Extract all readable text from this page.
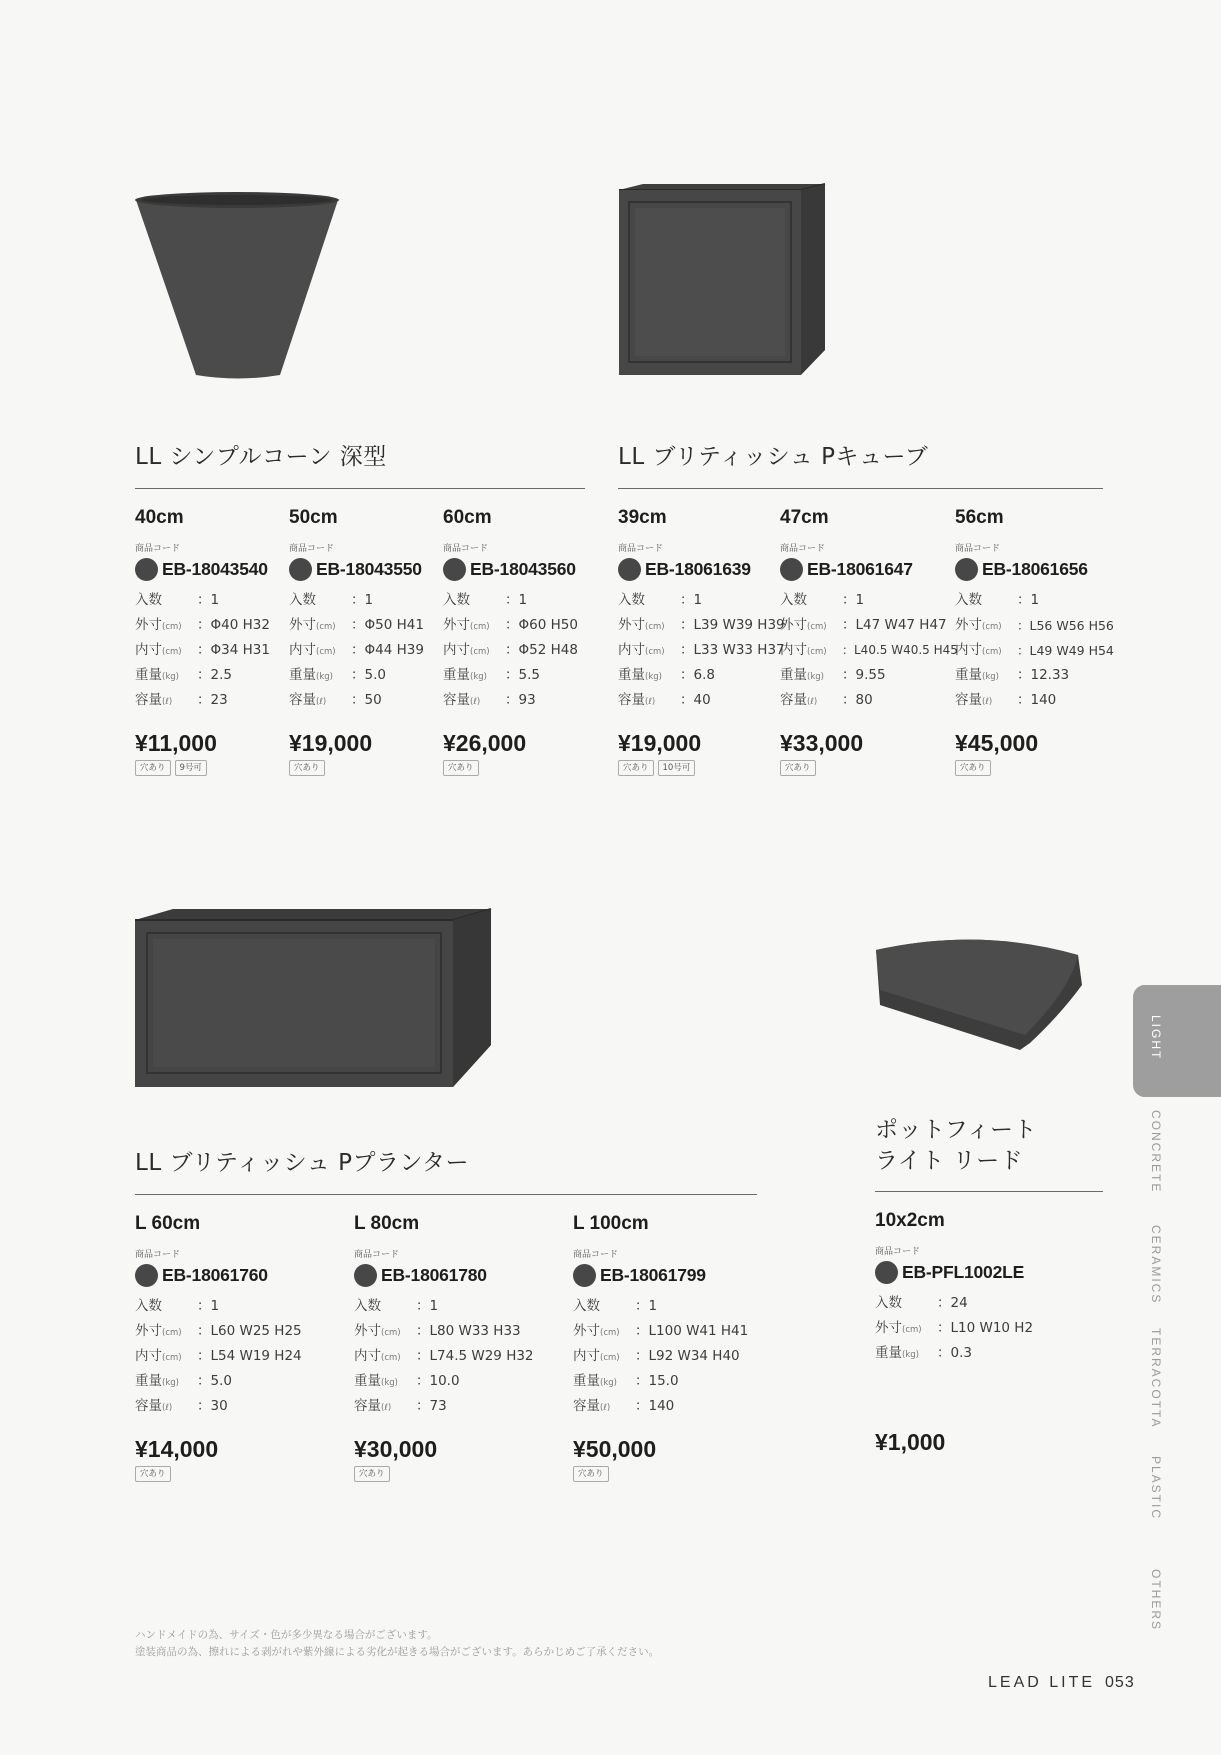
LL シンプルコーン 深型
40cm
商品コード
EB-18043540
入数	：1
外寸(cm)	：Φ40 H32
内寸(cm)	：Φ34 H31
重量(kg)	：2.5
容量(ℓ)	：23
¥11,000
穴あり	9号可
50cm
商品コード
EB-18043550
入数	：1
外寸(cm)	：Φ50 H41
内寸(cm)	：Φ44 H39
重量(kg)	：5.0
容量(ℓ)	：50
¥19,000
穴あり
60cm
商品コード
EB-18043560
入数	：1
外寸(cm)	：Φ60 H50
内寸(cm)	：Φ52 H48
重量(kg)	：5.5
容量(ℓ)	：93
¥26,000
穴あり
LL ブリティッシュ Pキューブ
39cm
商品コード
EB-18061639
入数	：1
外寸(cm)	：L39 W39 H39
内寸(cm)	：L33 W33 H37
重量(kg)	：6.8
容量(ℓ)	：40
¥19,000
穴あり	10号可
47cm
商品コード
EB-18061647
入数	：1
外寸(cm)	：L47 W47 H47
内寸(cm)	：L40.5 W40.5 H45
重量(kg)	：9.55
容量(ℓ)	：80
¥33,000
穴あり
56cm
商品コード
EB-18061656
入数	：1
外寸(cm)	：L56 W56 H56
内寸(cm)	：L49 W49 H54
重量(kg)	：12.33
容量(ℓ)	：140
¥45,000
穴あり
LL ブリティッシュ Pプランター
L 60cm
商品コード
EB-18061760
入数	：1
外寸(cm)	：L60 W25 H25
内寸(cm)	：L54 W19 H24
重量(kg)	：5.0
容量(ℓ)	：30
¥14,000
穴あり
L 80cm
商品コード
EB-18061780
入数	：1
外寸(cm)	：L80 W33 H33
内寸(cm)	：L74.5 W29 H32
重量(kg)	：10.0
容量(ℓ)	：73
¥30,000
穴あり
L 100cm
商品コード
EB-18061799
入数	：1
外寸(cm)	：L100 W41 H41
内寸(cm)	：L92 W34 H40
重量(kg)	：15.0
容量(ℓ)	：140
¥50,000
穴あり
ポットフィート
ライト リード
10x2cm
商品コード
EB-PFL1002LE
入数	：24
外寸(cm)	：L10 W10 H2
重量(kg)	：0.3
¥1,000
LIGHT
CONCRETE
CERAMICS
TERRACOTTA
PLASTIC
OTHERS
ハンドメイドの為、サイズ・色が多少異なる場合がございます。
塗装商品の為、擦れによる剥がれや紫外線による劣化が起きる場合がございます。あらかじめご了承ください。
LEAD LITE 053
